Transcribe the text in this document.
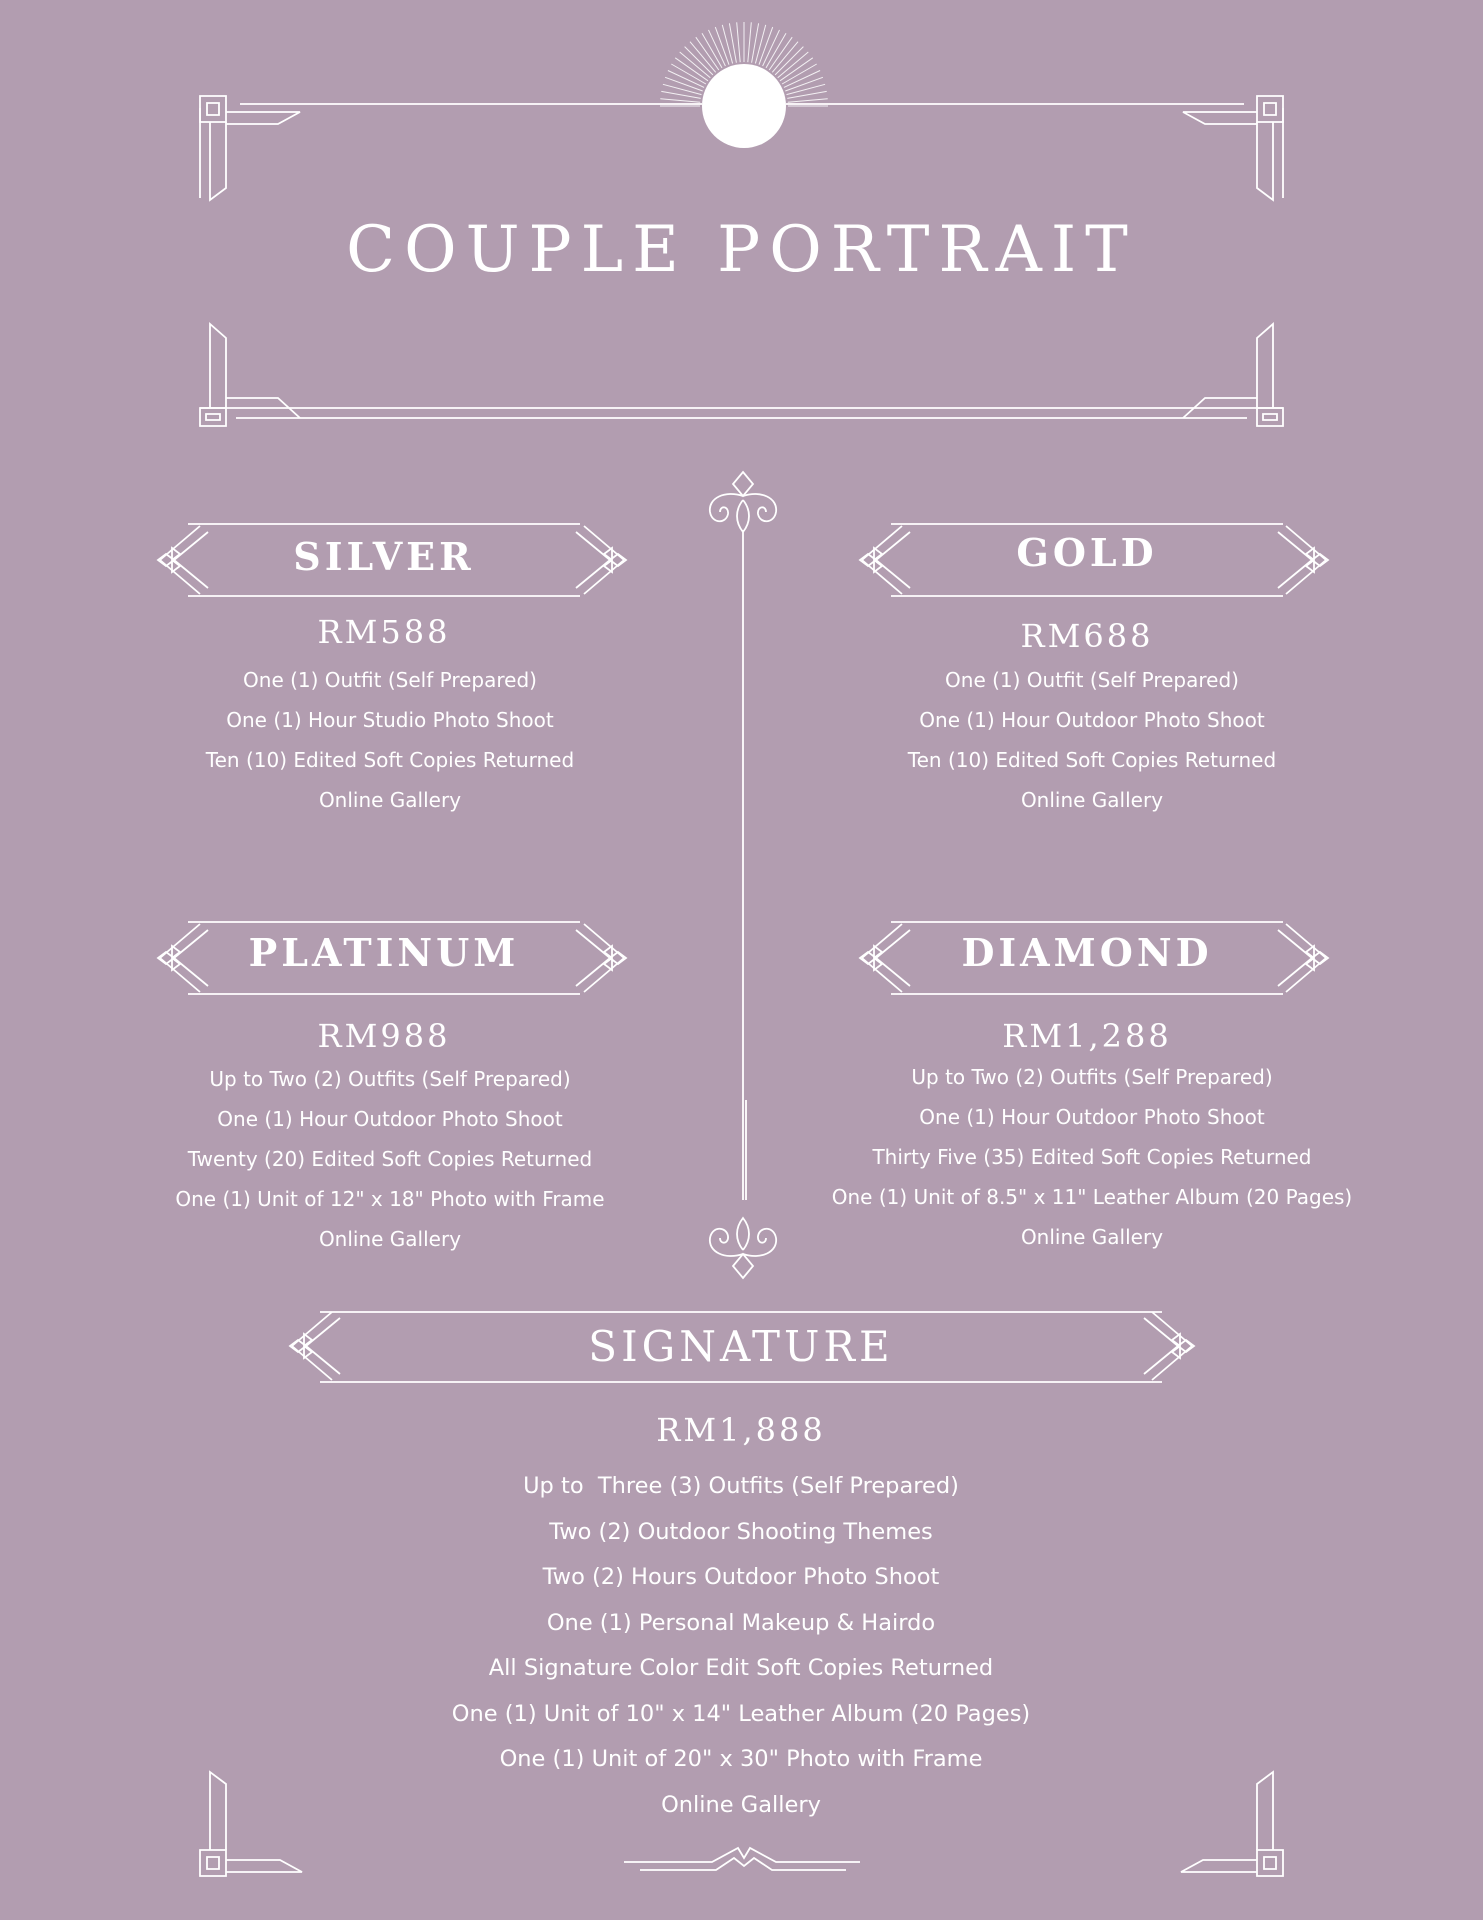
COUPLE PORTRAIT
SILVER
RM588
One (1) Outfit (Self Prepared)
One (1) Hour Studio Photo Shoot
Ten (10) Edited Soft Copies Returned
Online Gallery
GOLD
RM688
One (1) Outfit (Self Prepared)
One (1) Hour Outdoor Photo Shoot
Ten (10) Edited Soft Copies Returned
Online Gallery
PLATINUM
RM988
Up to Two (2) Outfits (Self Prepared)
One (1) Hour Outdoor Photo Shoot
Twenty (20) Edited Soft Copies Returned
One (1) Unit of 12" x 18" Photo with Frame
Online Gallery
DIAMOND
RM1,288
Up to Two (2) Outfits (Self Prepared)
One (1) Hour Outdoor Photo Shoot
Thirty Five (35) Edited Soft Copies Returned
One (1) Unit of 8.5" x 11" Leather Album (20 Pages)
Online Gallery
SIGNATURE
RM1,888
Up to  Three (3) Outfits (Self Prepared)
Two (2) Outdoor Shooting Themes
Two (2) Hours Outdoor Photo Shoot
One (1) Personal Makeup & Hairdo
All Signature Color Edit Soft Copies Returned
One (1) Unit of 10" x 14" Leather Album (20 Pages)
One (1) Unit of 20" x 30" Photo with Frame
Online Gallery
